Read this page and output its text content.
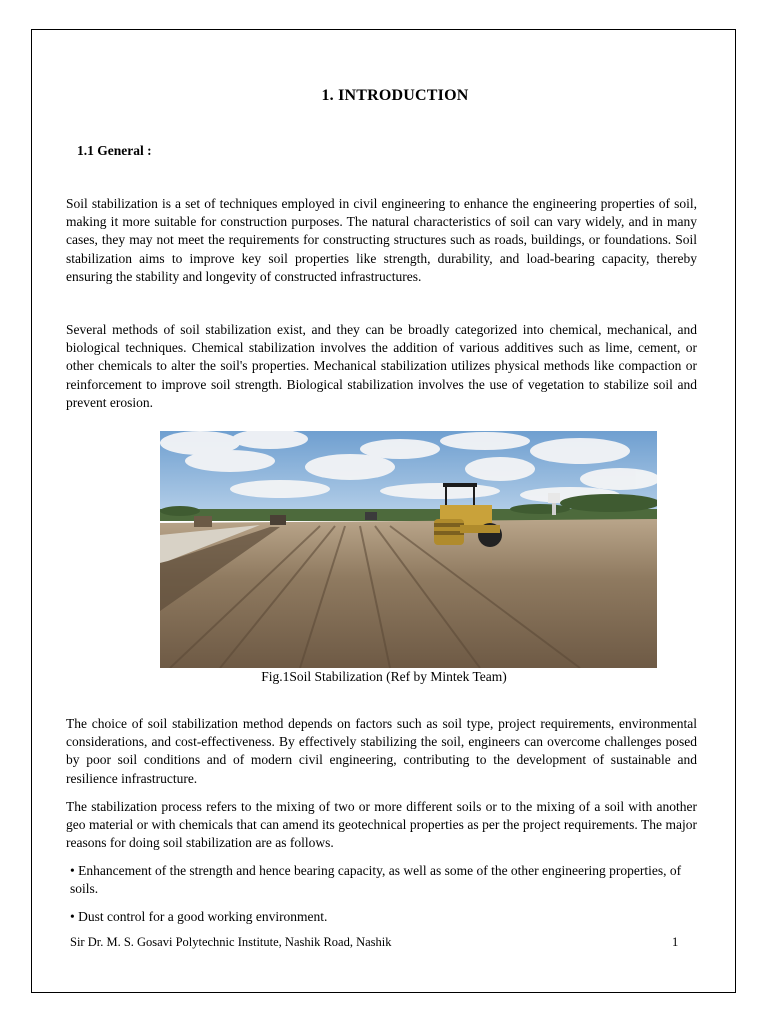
1. INTRODUCTION
1.1 General :

Soil stabilization is a set of techniques employed in civil engineering to enhance the engineering properties of soil, making it more suitable for construction purposes. The natural characteristics of soil can vary widely, and in many cases, they may not meet the requirements for constructing structures such as roads, buildings, or foundations. Soil stabilization aims to improve key soil properties like strength, durability, and load-bearing capacity, thereby ensuring the stability and longevity of constructed infrastructures.

Several methods of soil stabilization exist, and they can be broadly categorized into chemical, mechanical, and biological techniques. Chemical stabilization involves the addition of various additives such as lime, cement, or other chemicals to alter the soil's properties. Mechanical stabilization utilizes physical methods like compaction or reinforcement to improve soil strength. Biological stabilization involves the use of vegetation to stabilize soil and prevent erosion.

Fig.1Soil Stabilization (Ref by Mintek Team)

The choice of soil stabilization method depends on factors such as soil type, project requirements, environmental considerations, and cost-effectiveness. By effectively stabilizing the soil, engineers can overcome challenges posed by poor soil conditions and of modern civil engineering, contributing to the development of sustainable and resilience infrastructure.

The stabilization process refers to the mixing of two or more different soils or to the mixing of a soil with another geo material or with chemicals that can amend its geotechnical properties as per the project requirements. The major reasons for doing soil stabilization are as follows.

• Enhancement of the strength and hence bearing capacity, as well as some of the other engineering properties, of soils.

• Dust control for a good working environment.

Sir Dr. M. S. Gosavi Polytechnic Institute, Nashik Road, Nashik	1
